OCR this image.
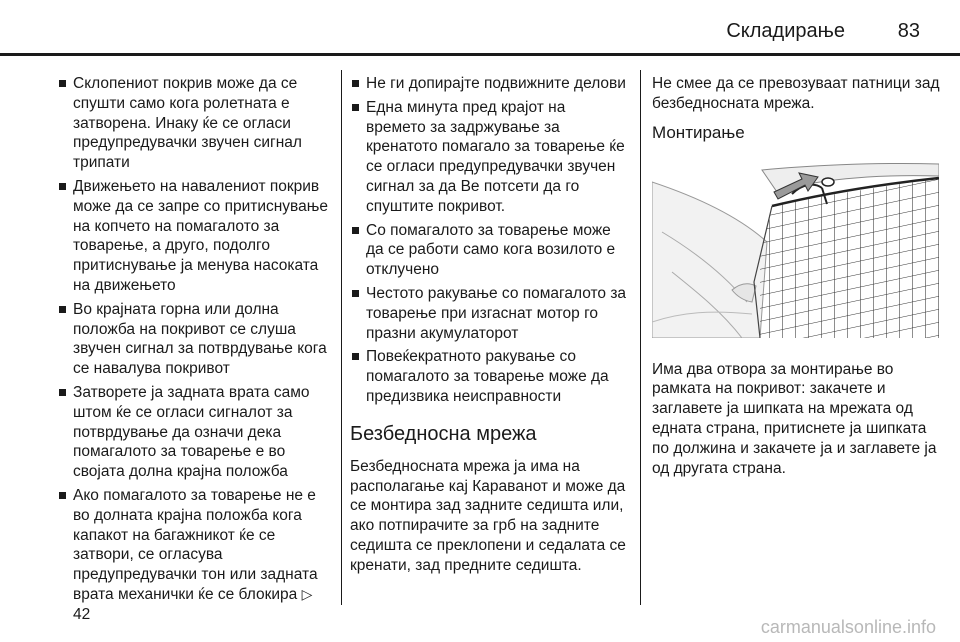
Складирање	83
Склопениот покрив може да се спушти само кога ролетната е затворена. Инаку ќе се огласи предупредувачки звучен сигнал трипати
Движењето на навалениот покрив може да се запре со притиснување на копчето на помагалото за товарење, а друго, подолго притиснување ја менува насоката на движењето
Во крајната горна или долна положба на покривот се слуша звучен сигнал за потврдување кога се навалува покривот
Затворете ја задната врата само штом ќе се огласи сигналот за потврдување да означи дека помагалото за товарење е во својата долна крајна положба
Ако помагалото за товарење не е во долната крајна положба кога капакот на багажникот ќе се затвори, се огласува предупредувачки тон или задната врата механички ќе се блокира ▷ 42
Не ги допирајте подвижните делови
Една минута пред крајот на времето за задржување за кренатото помагало за товарење ќе се огласи предупредувачки звучен сигнал за да Ве потсети да го спуштите покривот.
Со помагалото за товарење може да се работи само кога возилото е отклучено
Честото ракување со помагалото за товарење при изгаснат мотор го празни акумулаторот
Повеќекратното ракување со помагалото за товарење може да предизвика неисправности
Безбедносна мрежа

Безбедносната мрежа ја има на располагање кај Каравaнот и може да се монтира зад задните седишта или, ако потпирачите за грб на задните седишта се преклопени и седалата се кренати, зад предните седишта.

Не смее да се превозуваат патници зад безбедносната мрежа.

Монтирање

Има два отвора за монтирање во рамката на покривот: закачете и заглавете ја шипката на мрежата од едната страна, притиснете ја шипката по должина и закачете ја и заглавете ја од другата страна.

carmanualsonline.info
